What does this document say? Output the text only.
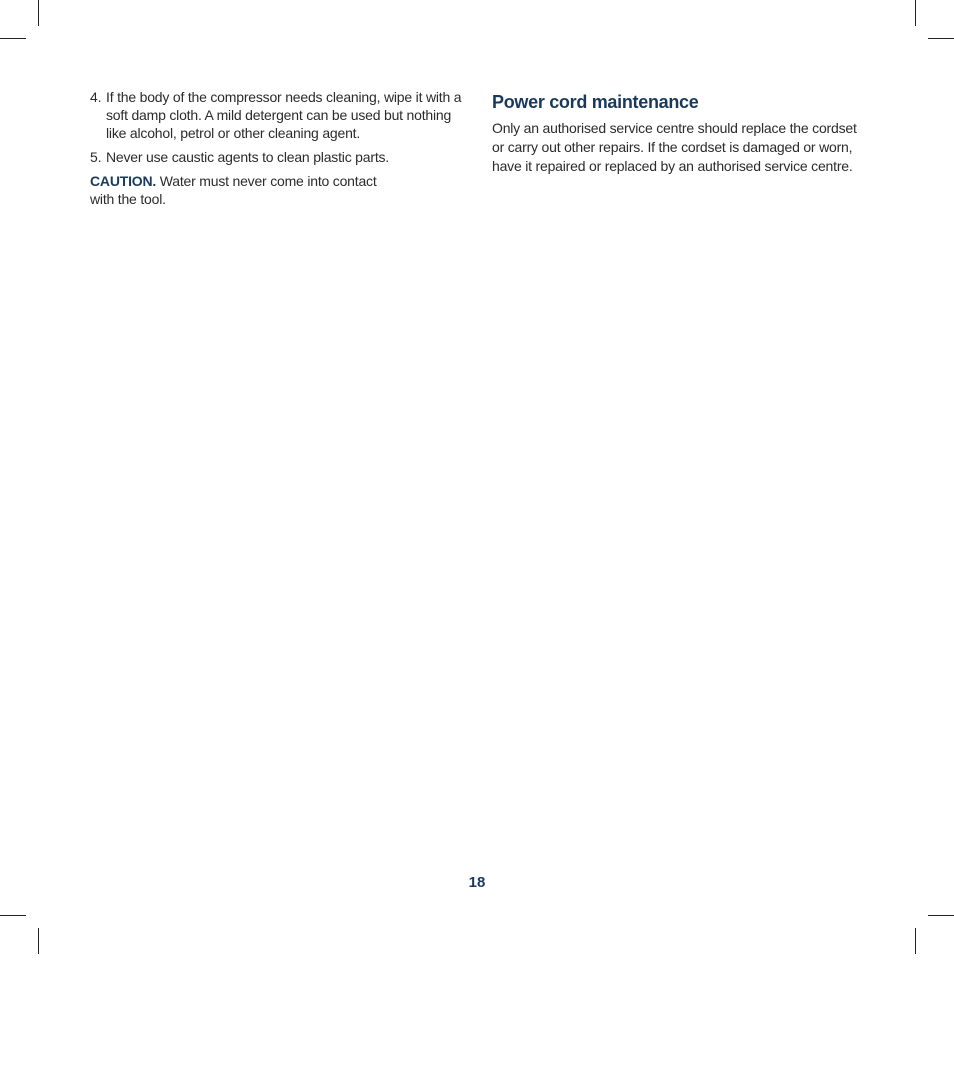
4. If the body of the compressor needs cleaning, wipe it with a soft damp cloth. A mild detergent can be used but nothing like alcohol, petrol or other cleaning agent.
5. Never use caustic agents to clean plastic parts.
CAUTION. Water must never come into contact
with the tool.
Power cord maintenance
Only an authorised service centre should replace the cordset or carry out other repairs. If the cordset is damaged or worn, have it repaired or replaced by an authorised service centre.
18
